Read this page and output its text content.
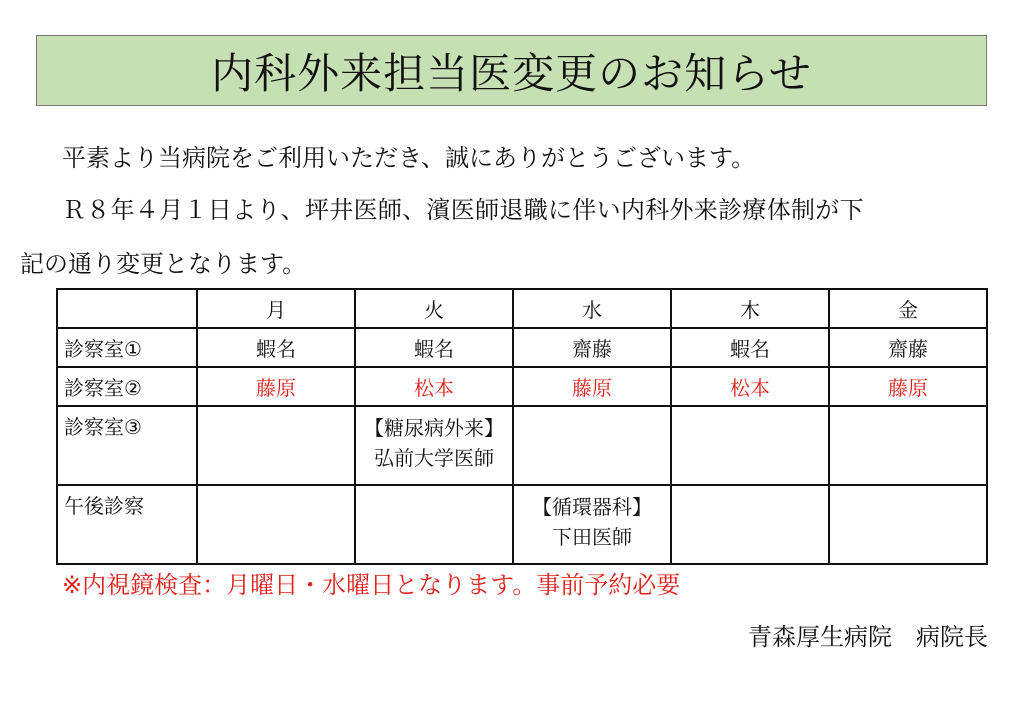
内科外来担当医変更のお知らせ
平素より当病院をご利用いただき、誠にありがとうございます。
Ｒ８年４月１日より、坪井医師、濱医師退職に伴い内科外来診療体制が下
記の通り変更となります。
	月	火	水	木	金
診察室①	蝦名	蝦名	齋藤	蝦名	齋藤
診察室②	藤原	松本	藤原	松本	藤原
診察室③		【糖尿病外来】
弘前大学医師			

午後診察			【循環器科】
下田医師		

※内視鏡検査：月曜日・水曜日となります。事前予約必要
青森厚生病院　病院長
